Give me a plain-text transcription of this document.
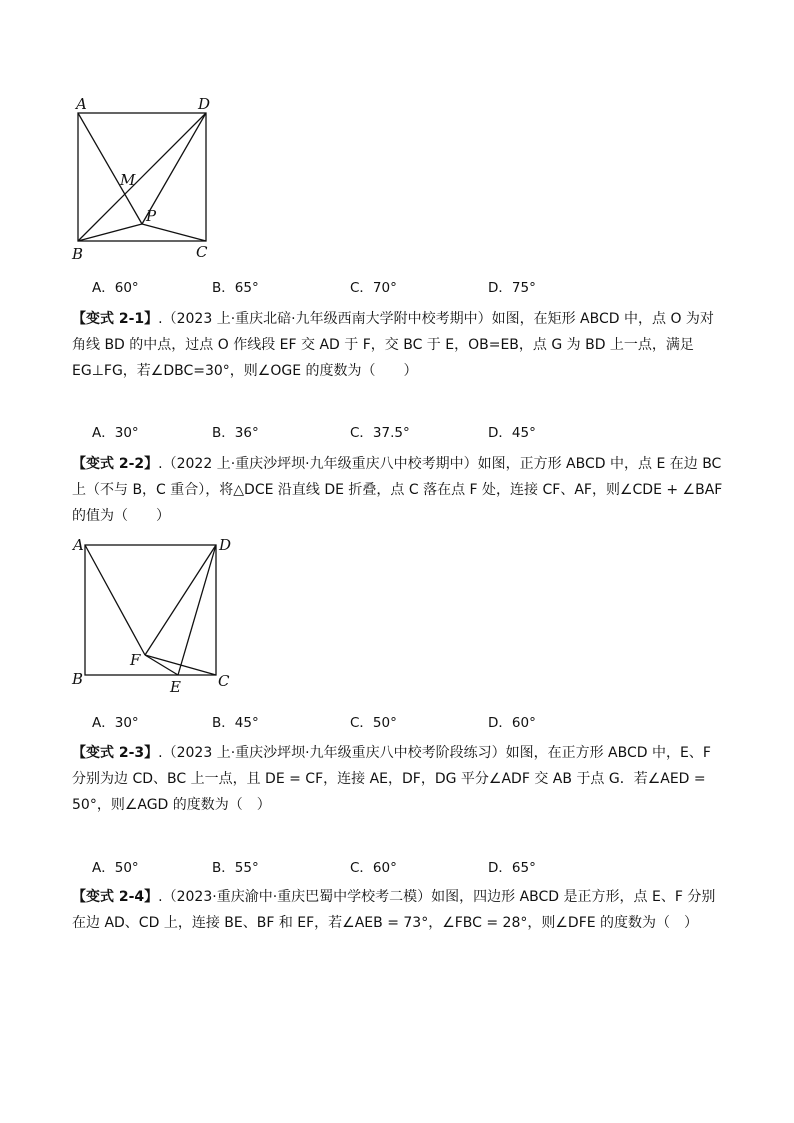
A	D
M
P
B	C
A．60°	B．65°	C．70°	D．75°
【变式 2-1】.（2023 上·重庆北碚·九年级西南大学附中校考期中）如图，在矩形 ABCD 中，点 O 为对角线 BD 的中点，过点 O 作线段 EF 交 AD 于 F，交 BC 于 E，OB=EB，点 G 为 BD 上一点，满足 EG⊥FG，若∠DBC=30°，则∠OGE 的度数为（　　）
A．30°	B．36°	C．37.5°	D．45°
【变式 2-2】.（2022 上·重庆沙坪坝·九年级重庆八中校考期中）如图，正方形 ABCD 中，点 E 在边 BC 上（不与 B，C 重合），将△DCE 沿直线 DE 折叠，点 C 落在点 F 处，连接 CF、AF，则∠CDE + ∠BAF 的值为（　　）
A	D
F
B	E C
A．30°	B．45°	C．50°	D．60°
【变式 2-3】.（2023 上·重庆沙坪坝·九年级重庆八中校考阶段练习）如图，在正方形 ABCD 中，E、F 分别为边 CD、BC 上一点，且 DE = CF，连接 AE，DF，DG 平分∠ADF 交 AB 于点 G．若∠AED = 50°，则∠AGD 的度数为（　）
A．50°	B．55°	C．60°	D．65°
【变式 2-4】.（2023·重庆渝中·重庆巴蜀中学校考二模）如图，四边形 ABCD 是正方形，点 E、F 分别在边 AD、CD 上，连接 BE、BF 和 EF，若∠AEB = 73°，∠FBC = 28°，则∠DFE 的度数为（　）
